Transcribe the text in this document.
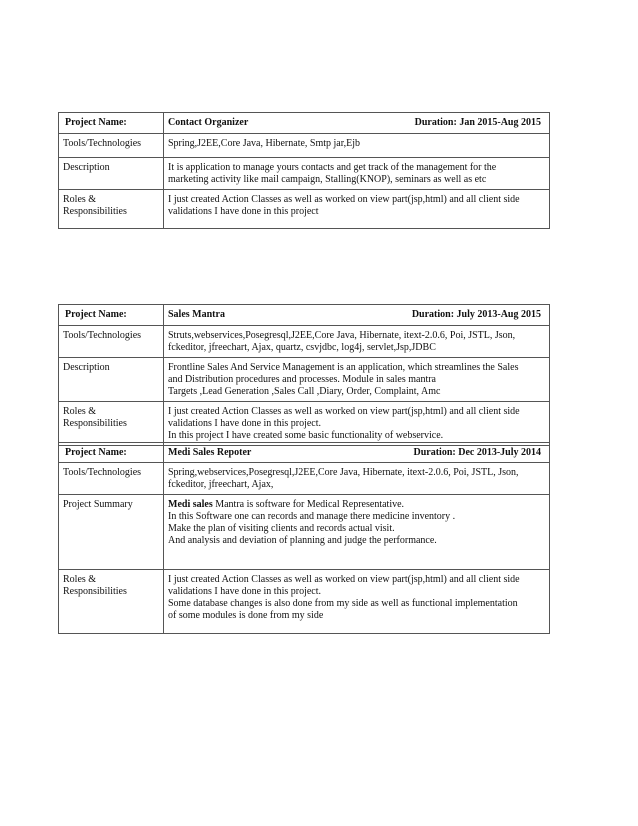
Project Name:	Contact Organizer Duration: Jan 2015-Aug 2015

Tools/Technologies	Spring,J2EE,Core Java, Hibernate, Smtp jar,Ejb

Description	It is application to manage yours contacts and get track of the management for the
marketing activity like mail campaign, Stalling(KNOP), seminars as well as etc

Roles &
Responsibilities	I just created Action Classes as well as worked on view part(jsp,html) and all client side
validations I have done in this project
Project Name:	Sales Mantra Duration: July 2013-Aug 2015

Tools/Technologies	Struts,webservices,Posegresql,J2EE,Core Java, Hibernate, itext-2.0.6, Poi, JSTL, Json,
fckeditor, jfreechart, Ajax, quartz, csvjdbc, log4j, servlet,Jsp,JDBC

Description	Frontline Sales And Service Management is an application, which streamlines the Sales
and Distribution procedures and processes. Module in sales mantra
Targets ,Lead Generation ,Sales Call ,Diary, Order, Complaint, Amc

Roles &
Responsibilities	I just created Action Classes as well as worked on view part(jsp,html) and all client side
validations I have done in this project.
In this project I have created some basic functionality of webservice.
Project Name:	Medi Sales Repoter Duration: Dec 2013-July 2014

Tools/Technologies	Spring,webservices,Posegresql,J2EE,Core Java, Hibernate, itext-2.0.6, Poi, JSTL, Json,
fckeditor, jfreechart, Ajax,

Project Summary	Medi sales Mantra is software for Medical Representative.
In this Software one can records and manage there medicine inventory .
Make the plan of visiting clients and records actual visit.
And analysis and deviation of planning and judge the performance.

Roles &
Responsibilities	I just created Action Classes as well as worked on view part(jsp,html) and all client side
validations I have done in this project.
Some database changes is also done from my side as well as functional implementation
of some modules is done from my side
